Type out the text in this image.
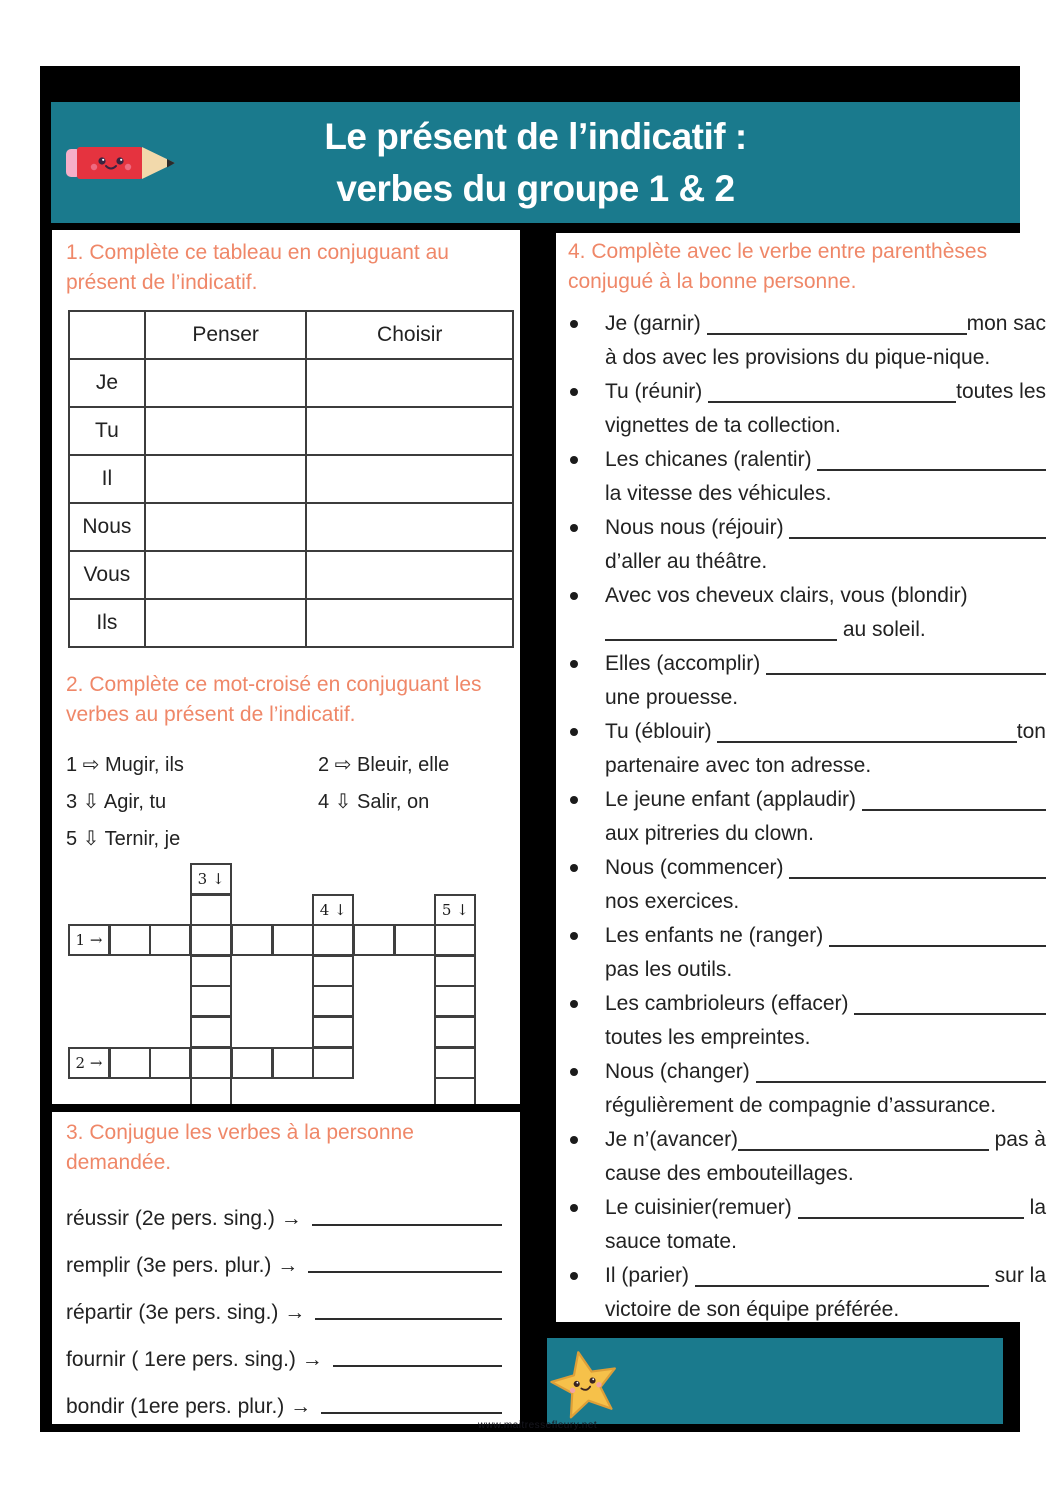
Le présent de l’indicatif :
verbes du groupe 1 & 2
1. Complète ce tableau en conjuguant au présent de l’indicatif.
	Penser	Choisir
Je		
Tu		
Il		
Nous		
Vous		
Ils		
2. Complète ce mot-croisé en conjuguant les verbes au présent de l’indicatif.
1 ⇨ Mugir, ils	2 ⇨ Bleuir, elle
3 ⇩ Agir, tu	4 ⇩ Salir, on
5 ⇩ Ternir, je
3 ↓
4 ↓	5 ↓
1 →
2 →
3. Conjugue les verbes à la personne demandée.
réussir (2e pers. sing.) →
remplir (3e pers. plur.) →
répartir (3e pers. sing.) →
fournir ( 1ere pers. sing.) →
bondir (1ere pers. plur.) →
4. Complète avec le verbe entre parenthèses conjugué à la bonne personne.
Je (garnir)	mon sac
à dos avec les provisions du pique-nique.
Tu (réunir)	toutes les
vignettes de ta collection.
Les chicanes (ralentir)
la vitesse des véhicules.
Nous nous (réjouir)
d’aller au théâtre.
Avec vos cheveux clairs, vous (blondir)
au soleil.
Elles (accomplir)
une prouesse.
Tu (éblouir)	ton
partenaire avec ton adresse.
Le jeune enfant (applaudir)
aux pitreries du clown.
Nous (commencer)
nos exercices.
Les enfants ne (ranger)
pas les outils.
Les cambrioleurs (effacer)
toutes les empreintes.
Nous (changer)
régulièrement de compagnie d’assurance.
Je n’(avancer)	pas à
cause des embouteillages.
Le cuisinier(remuer)	la
sauce tomate.
Il (parier)	sur la
victoire de son équipe préférée.
www.maitressefleury.net
